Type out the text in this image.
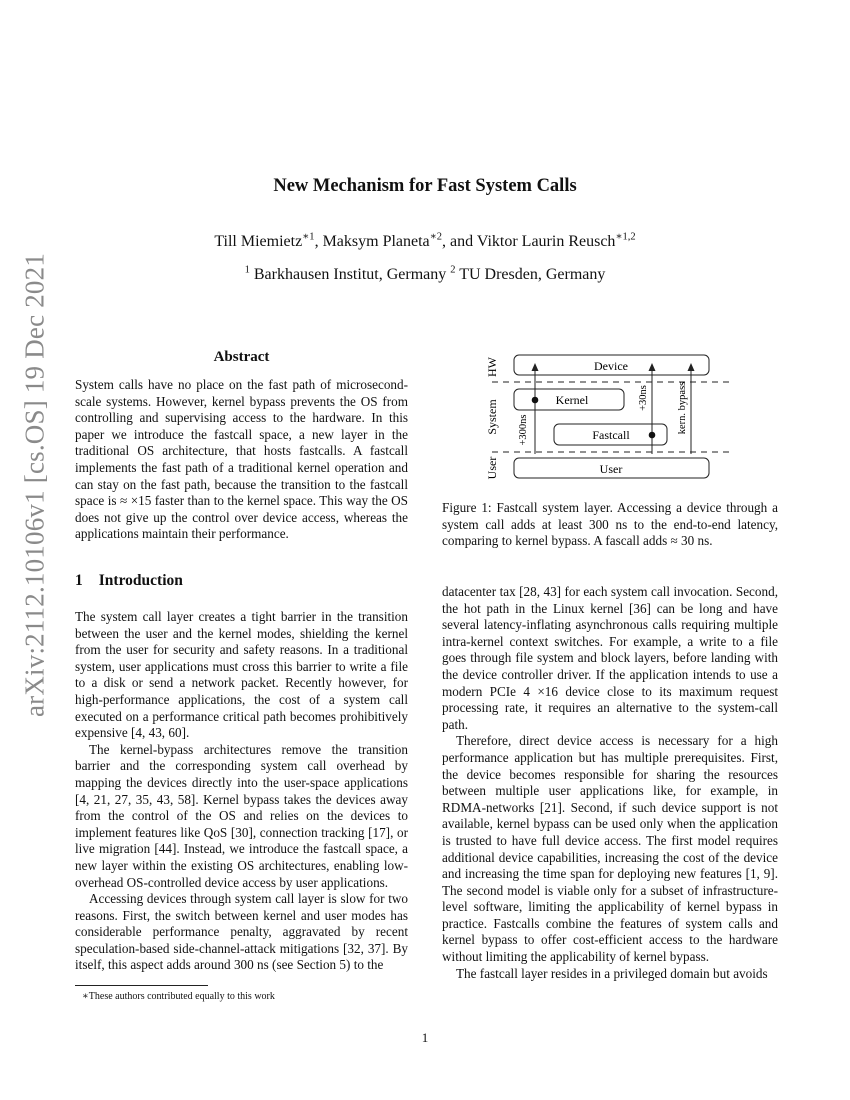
arXiv:2112.10106v1 [cs.OS] 19 Dec 2021
New Mechanism for Fast System Calls
Till Miemietz$^{∗1}$, Maksym Planeta$^{∗2}$, and Viktor Laurin Reusch$^{∗1,2}$
$^1$ Barkhausen Institut, Germany $^2$ TU Dresden, Germany
Abstract

System calls have no place on the fast path of microsecond-scale systems. However, kernel bypass prevents the OS from controlling and supervising access to the hardware. In this paper we introduce the fastcall space, a new layer in the traditional OS architecture, that hosts fastcalls. A fastcall implements the fast path of a traditional kernel operation and can stay on the fast path, because the transition to the fastcall space is ≈ ×15 faster than to the kernel space. This way the OS does not give up the control over device access, whereas the applications maintain their performance.

1 Introduction

The system call layer creates a tight barrier in the transition between the user and the kernel modes, shielding the kernel from the user for security and safety reasons. In a traditional system, user applications must cross this barrier to write a file to a disk or send a network packet. Recently however, for high-performance applications, the cost of a system call executed on a performance critical path becomes prohibitively expensive [4, 43, 60].

The kernel-bypass architectures remove the transition barrier and the corresponding system call overhead by mapping the devices directly into the user-space applications [4, 21, 27, 35, 43, 58]. Kernel bypass takes the devices away from the control of the OS and relies on the devices to implement features like QoS [30], connection tracking [17], or live migration [44]. Instead, we introduce the fastcall space, a new layer within the existing OS architectures, enabling low-overhead OS-controlled device access by user applications.

Accessing devices through system call layer is slow for two reasons. First, the switch between kernel and user modes has considerable performance penalty, aggravated by recent speculation-based side-channel-attack mitigations [32, 37]. By itself, this aspect adds around 300 ns (see Section 5) to the

∗These authors contributed equally to this work
HW
System
User
Device
Kernel
Fastcall
User
+300ns
+30ns	kern. bypass
Figure 1: Fastcall system layer. Accessing a device through a system call adds at least 300 ns to the end-to-end latency, comparing to kernel bypass. A fascall adds ≈ 30 ns.

datacenter tax [28, 43] for each system call invocation. Second, the hot path in the Linux kernel [36] can be long and have several latency-inflating asynchronous calls requiring multiple intra-kernel context switches. For example, a write to a file goes through file system and block layers, before landing with the device controller driver. If the application intends to use a modern PCIe 4 ×16 device close to its maximum request processing rate, it requires an alternative to the system-call path.

Therefore, direct device access is necessary for a high performance application but has multiple prerequisites. First, the device becomes responsible for sharing the resources between multiple user applications like, for example, in RDMA-networks [21]. Second, if such device support is not available, kernel bypass can be used only when the application is trusted to have full device access. The first model requires additional device capabilities, increasing the cost of the device and increasing the time span for deploying new features [1, 9]. The second model is viable only for a subset of infrastructure-level software, limiting the applicability of kernel bypass in practice. Fastcalls combine the features of system calls and kernel bypass to offer cost-efficient access to the hardware without limiting the applicability of kernel bypass.

The fastcall layer resides in a privileged domain but avoids

1
